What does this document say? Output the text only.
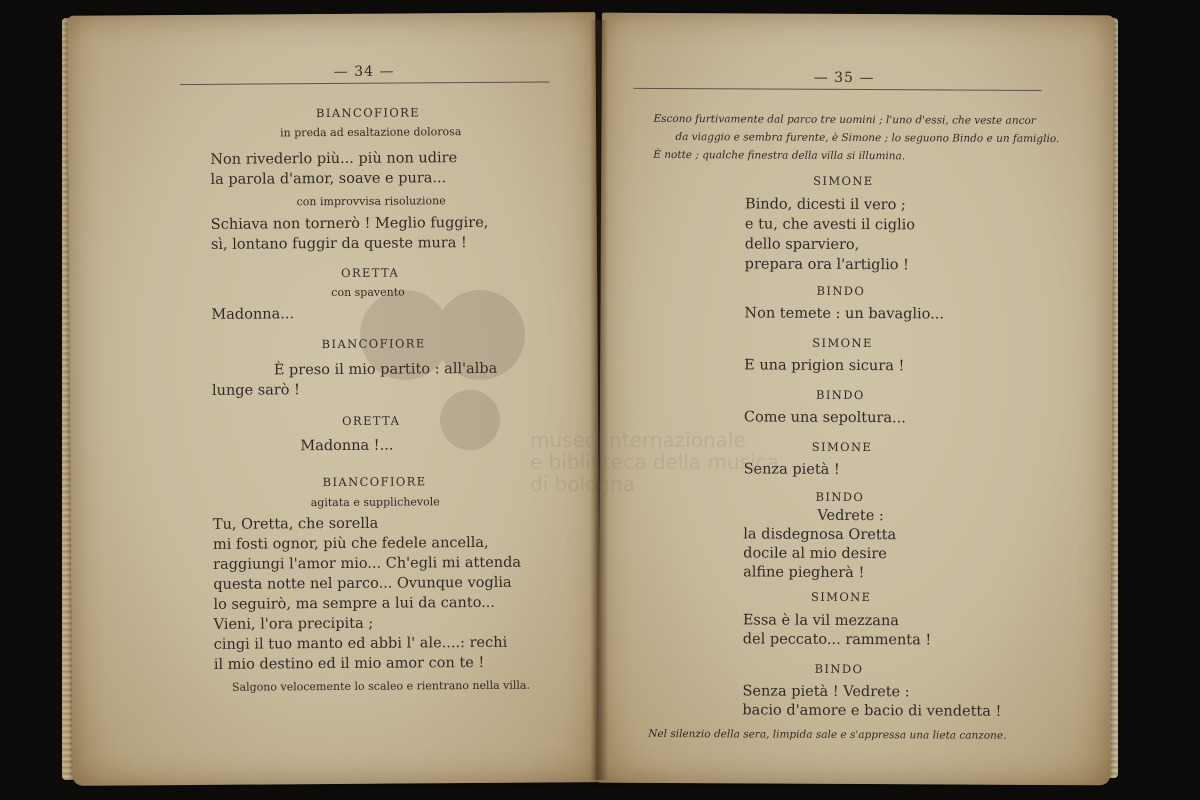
— 34 —
BIANCOFIORE
in preda ad esaltazione dolorosa
Non rivederlo più... più non udire
la parola d'amor, soave e pura...
con improvvisa risoluzione
Schiava non tornerò ! Meglio fuggire,
sì, lontano fuggir da queste mura !
ORETTA
con spavento
Madonna...
BIANCOFIORE
È preso il mio partito : all'alba
lunge sarò !
ORETTA
Madonna !...
BIANCOFIORE
agitata e supplichevole
Tu, Oretta, che sorella
mi fosti ognor, più che fedele ancella,
raggiungi l'amor mio... Ch'egli mi attenda
questa notte nel parco... Ovunque voglia
lo seguirò, ma sempre a lui da canto...
Vieni, l'ora precipita ;
cingi il tuo manto ed abbi l' ale....: rechi
il mio destino ed il mio amor con te !
Salgono velocemente lo scaleo e rientrano nella villa.
— 35 —
Escono furtivamente dal parco tre uomini ; l'uno d'essi, che veste ancor
da viaggio e sembra furente, è Simone ; lo seguono Bindo e un famiglio.
È notte ; qualche finestra della villa si illumina.
SIMONE
Bindo, dicesti il vero ;
e tu, che avesti il ciglio
dello sparviero,
prepara ora l'artiglio !
BINDO
Non temete : un bavaglio...
SIMONE
E una prigion sicura !
BINDO
Come una sepoltura...
SIMONE
Senza pietà !
BINDO
Vedrete :
la disdegnosa Oretta
docile al mio desire
alfine piegherà !
SIMONE
Essa è la vil mezzana
del peccato... rammenta !
BINDO
Senza pietà ! Vedrete :
bacio d'amore e bacio di vendetta !
Nel silenzio della sera, limpida sale e s'appressa una lieta canzone.
